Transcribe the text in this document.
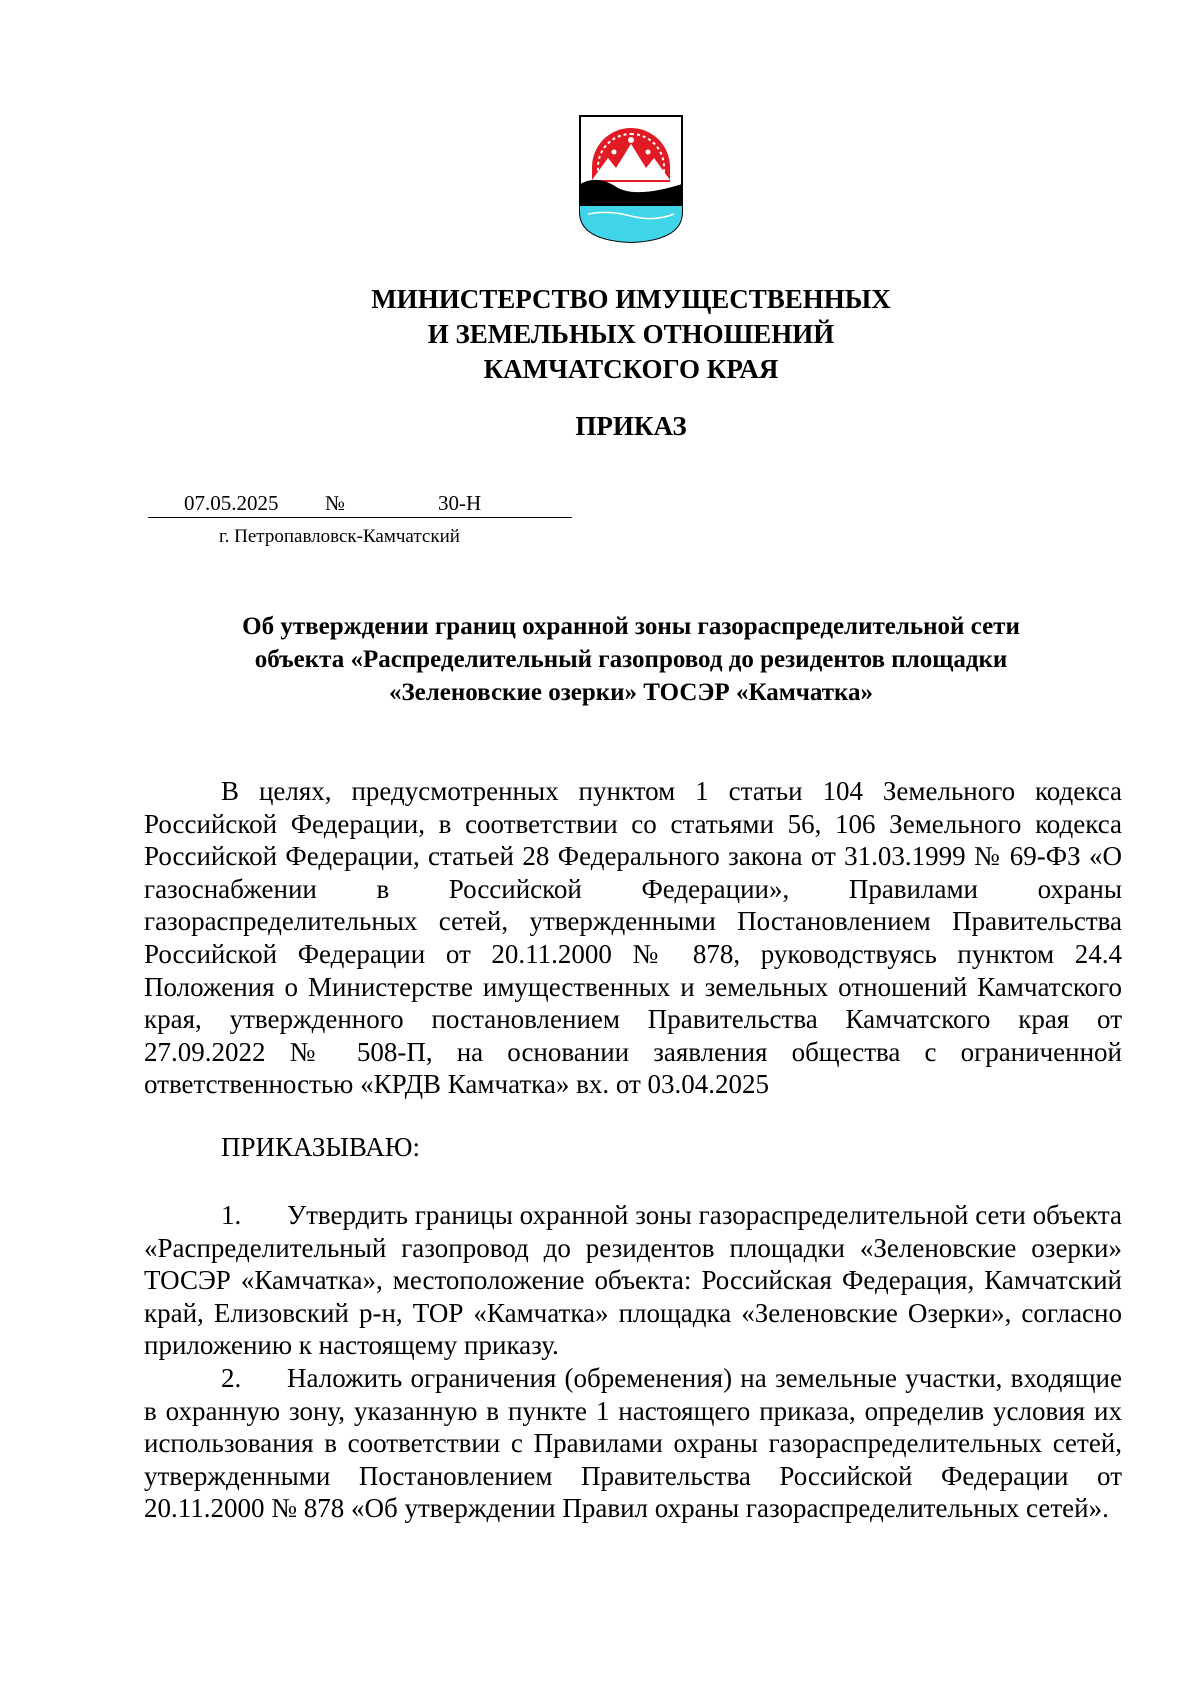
МИНИСТЕРСТВО ИМУЩЕСТВЕННЫХ
И ЗЕМЕЛЬНЫХ ОТНОШЕНИЙ
КАМЧАТСКОГО КРАЯ
ПРИКАЗ
07.05.2025 №	30-Н
г. Петропавловск-Камчатский
Об утверждении границ охранной зоны газораспределительной сети
объекта «Распределительный газопровод до резидентов площадки
«Зеленовские озерки» ТОСЭР «Камчатка»

В целях, предусмотренных пунктом 1 статьи 104 Земельного кодекса Российской Федерации, в соответствии со статьями 56, 106 Земельного кодекса Российской Федерации, статьей 28 Федерального закона от 31.03.1999 № 69-ФЗ «О газоснабжении в Российской Федерации», Правилами охраны газораспределительных сетей, утвержденными Постановлением Правительства Российской Федерации от 20.11.2000 № 878, руководствуясь пунктом 24.4 Положения о Министерстве имущественных и земельных отношений Камчатского края, утвержденного постановлением Правительства Камчатского края от 27.09.2022 № 508-П, на основании заявления общества с ограниченной ответственностью «КРДВ Камчатка» вх. от 03.04.2025

ПРИКАЗЫВАЮ:

1. Утвердить границы охранной зоны газораспределительной сети объекта «Распределительный газопровод до резидентов площадки «Зеленовские озерки» ТОСЭР «Камчатка», местоположение объекта: Российская Федерация, Камчатский край, Елизовский р-н, ТОР «Камчатка» площадка «Зеленовские Озерки», согласно приложению к настоящему приказу.

2. Наложить ограничения (обременения) на земельные участки, входящие в охранную зону, указанную в пункте 1 настоящего приказа, определив условия их использования в соответствии с Правилами охраны газораспределительных сетей, утвержденными Постановлением Правительства Российской Федерации от 20.11.2000 № 878 «Об утверждении Правил охраны газораспределительных сетей».
